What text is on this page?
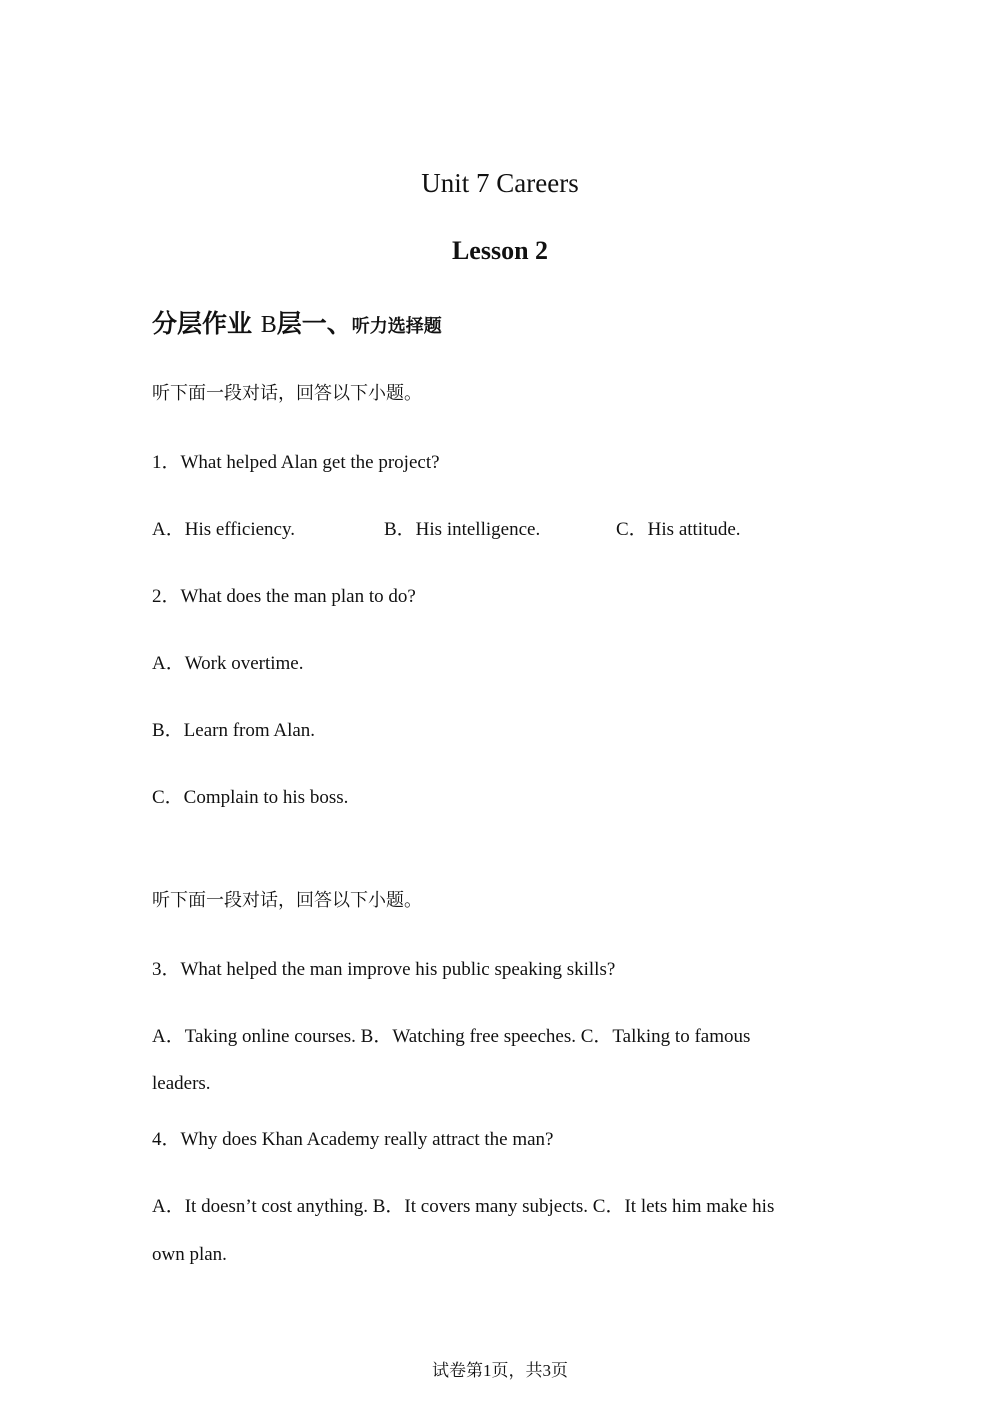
Unit 7 Careers
Lesson 2
分层作业 B层一、听力选择题
听下面一段对话，回答以下小题。
1．What helped Alan get the project?
A．His efficiency.	B．His intelligence.	C．His attitude.
2．What does the man plan to do?
A．Work overtime.
B．Learn from Alan.
C．Complain to his boss.
听下面一段对话，回答以下小题。
3．What helped the man improve his public speaking skills?
A．Taking online courses. B．Watching free speeches. C．Talking to famous
leaders.
4．Why does Khan Academy really attract the man?
A．It doesn’t cost anything. B．It covers many subjects. C．It lets him make his
own plan.
试卷第1页，共3页
